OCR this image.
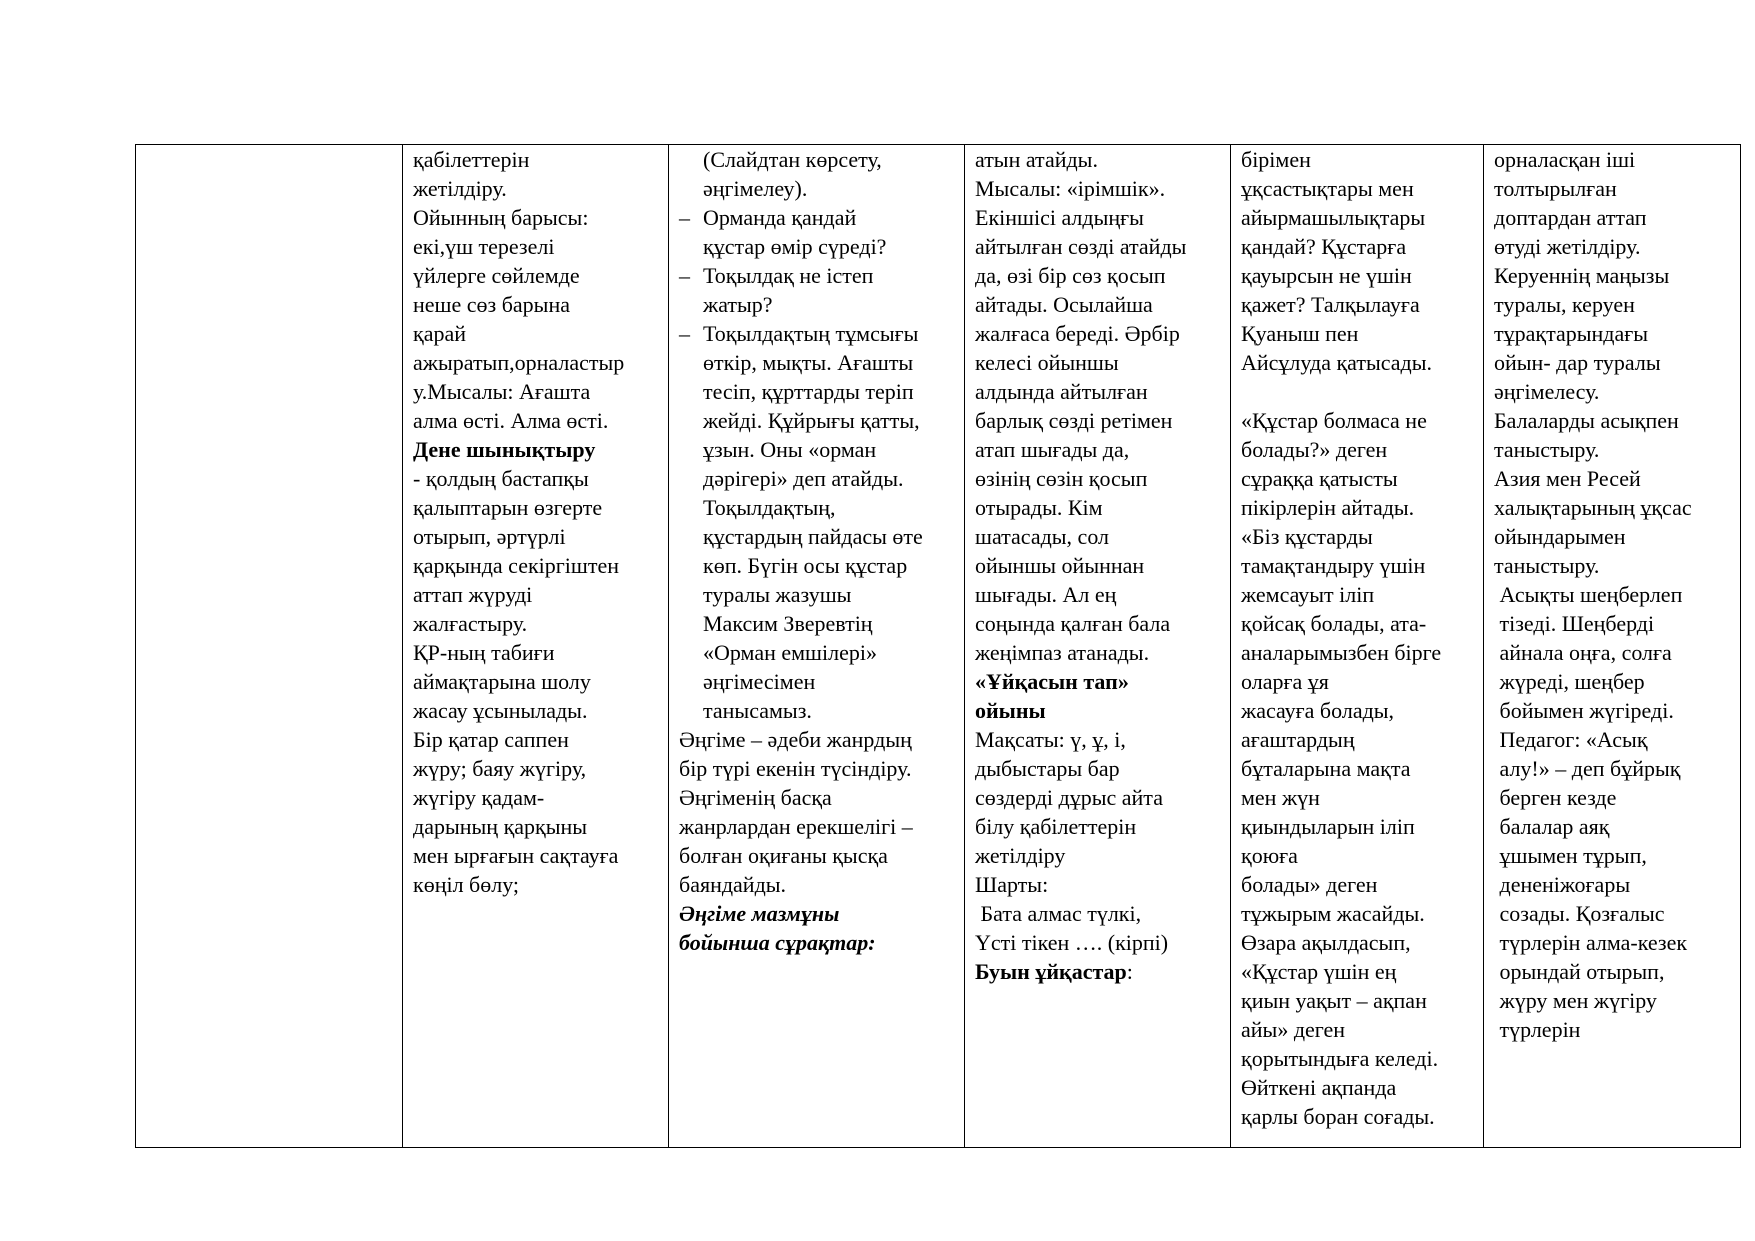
қабілеттерін
жетілдіру.
Ойынның барысы:
екі,үш терезелі
үйлерге сөйлемде
неше сөз барына
қарай
ажыратып,орналастыр
у.Мысалы: Ағашта
алма өсті. Алма өсті.
Дене шынықтыру
- қолдың бастапқы
қалыптарын өзгерте
отырып, әртүрлі
қарқында секіргіштен
аттап жүруді
жалғастыру.
ҚР-ның табиғи
аймақтарына шолу
жасау ұсынылады.
Бір қатар саппен
жүру; баяу жүгіру,
жүгіру қадам-
дарының қарқыны
мен ырғағын сақтауға
көңіл бөлу;

(Слайдтан көрсету,
әңгімелеу).
– Орманда қандай
құстар өмір сүреді?
– Тоқылдақ не істеп
жатыр?
– Тоқылдақтың тұмсығы
өткір, мықты. Ағашты
тесіп, құрттарды теріп
жейді. Құйрығы қатты,
ұзын. Оны «орман
дәрігері» деп атайды.
Тоқылдақтың,
құстардың пайдасы өте
көп. Бүгін осы құстар
туралы жазушы
Максим Зверевтің
«Орман емшілері»
әңгімесімен
танысамыз.
Әңгіме – әдеби жанрдың
бір түрі екенін түсіндіру.
Әңгіменің басқа
жанрлардан ерекшелігі –
болған оқиғаны қысқа
баяндайды.
Әңгіме мазмұны
бойынша сұрақтар:

атын атайды.
Мысалы: «ірімшік».
Екіншісі алдыңғы
айтылған сөзді атайды
да, өзі бір сөз қосып
айтады. Осылайша
жалғаса береді. Әрбір
келесі ойыншы
алдында айтылған
барлық сөзді ретімен
атап шығады да,
өзінің сөзін қосып
отырады. Кім
шатасады, сол
ойыншы ойыннан
шығады. Ал ең
соңында қалған бала
жеңімпаз атанады.
«Ұйқасын тап»
ойыны
Мақсаты: ү, ұ, і,
дыбыстары бар
сөздерді дұрыс айта
білу қабілеттерін
жетілдіру
Шарты:
Бата алмас түлкі,
Үсті тікен …. (кірпі)
Буын ұйқастар:

бірімен
ұқсастықтары мен
айырмашылықтары
қандай? Құстарға
қауырсын не үшін
қажет? Талқылауға
Қуаныш пен
Айсұлуда қатысады.
«Құстар болмаса не
болады?» деген
сұраққа қатысты
пікірлерін айтады.
«Біз құстарды
тамақтандыру үшін
жемсауыт іліп
қойсақ болады, ата-
аналарымызбен бірге
оларға ұя
жасауға болады,
ағаштардың
бұталарына мақта
мен жүн
қиындыларын іліп
қоюға
болады» деген
тұжырым жасайды.
Өзара ақылдасып,
«Құстар үшін ең
қиын уақыт – ақпан
айы» деген
қорытындыға келеді.
Өйткені ақпанда
қарлы боран соғады.

орналасқан іші
толтырылған
доптардан аттап
өтуді жетілдіру.
Керуеннің маңызы
туралы, керуен
тұрақтарындағы
ойын- дар туралы
әңгімелесу.
Балаларды асықпен
таныстыру.
Азия мен Ресей
халықтарының ұқсас
ойындарымен
таныстыру.
Асықты шеңберлеп
тізеді. Шеңберді
айнала оңға, солға
жүреді, шеңбер
бойымен жүгіреді.
Педагог: «Асық
алу!» – деп бұйрық
берген кезде
балалар аяқ
ұшымен тұрып,
дененіжоғары
созады. Қозғалыс
түрлерін алма-кезек
орындай отырып,
жүру мен жүгіру
түрлерін
